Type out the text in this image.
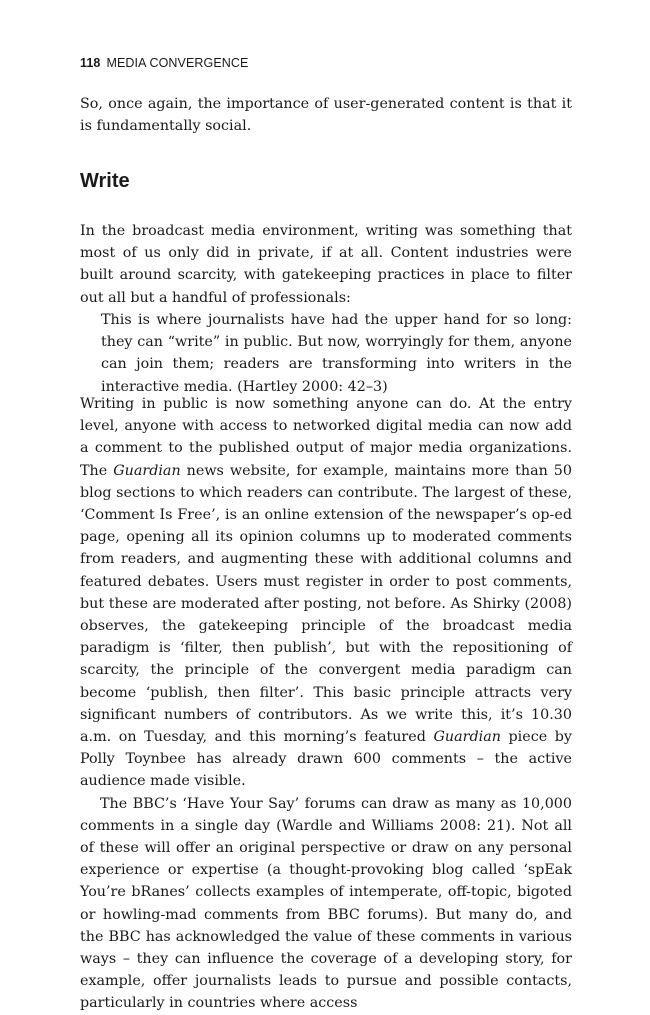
118 MEDIA CONVERGENCE

So, once again, the importance of user-generated content is that it is fundamentally social.

Write

In the broadcast media environment, writing was something that most of us only did in private, if at all. Content industries were built around scarcity, with gatekeeping practices in place to filter out all but a handful of professionals:

This is where journalists have had the upper hand for so long: they can “write” in public. But now, worryingly for them, anyone can join them; readers are transforming into writers in the interactive media. (Hartley 2000: 42–3)

Writing in public is now something anyone can do. At the entry level, anyone with access to networked digital media can now add a comment to the published output of major media organizations. The Guardian news website, for example, maintains more than 50 blog sections to which readers can contribute. The largest of these, ‘Comment Is Free’, is an online extension of the newspaper’s op-ed page, opening all its opinion columns up to moderated comments from readers, and augmenting these with additional columns and featured debates. Users must register in order to post comments, but these are moderated after posting, not before. As Shirky (2008) observes, the gatekeeping principle of the broadcast media paradigm is ‘filter, then publish’, but with the repositioning of scarcity, the principle of the convergent media paradigm can become ‘publish, then filter’. This basic principle attracts very significant numbers of contributors. As we write this, it’s 10.30 a.m. on Tuesday, and this morning’s featured Guardian piece by Polly Toynbee has already drawn 600 comments – the active audience made visible.

The BBC’s ‘Have Your Say’ forums can draw as many as 10,000 comments in a single day (Wardle and Williams 2008: 21). Not all of these will offer an original perspective or draw on any personal experience or expertise (a thought-provoking blog called ‘spEak You’re bRanes’ collects examples of intemperate, off-topic, bigoted or howling-mad comments from BBC forums). But many do, and the BBC has acknowledged the value of these comments in various ways – they can influence the coverage of a developing story, for example, offer journalists leads to pursue and possible contacts, particularly in countries where access
